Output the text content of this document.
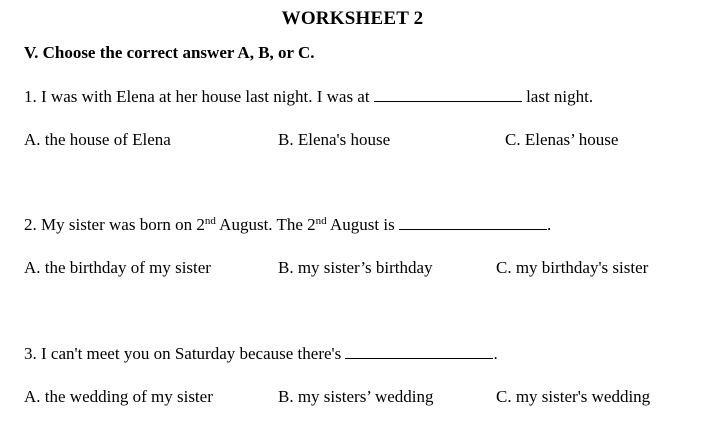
WORKSHEET 2
V. Choose the correct answer A, B, or C.
1. I was with Elena at her house last night. I was at	last night.
A. the house of Elena	B. Elena's house	C. Elenas’ house
2. My sister was born on 2nd August. The 2nd August is	.
A. the birthday of my sister	B. my sister’s birthday	C. my birthday's sister
3. I can't meet you on Saturday because there's	.
A. the wedding of my sister	B. my sisters’ wedding	C. my sister's wedding
